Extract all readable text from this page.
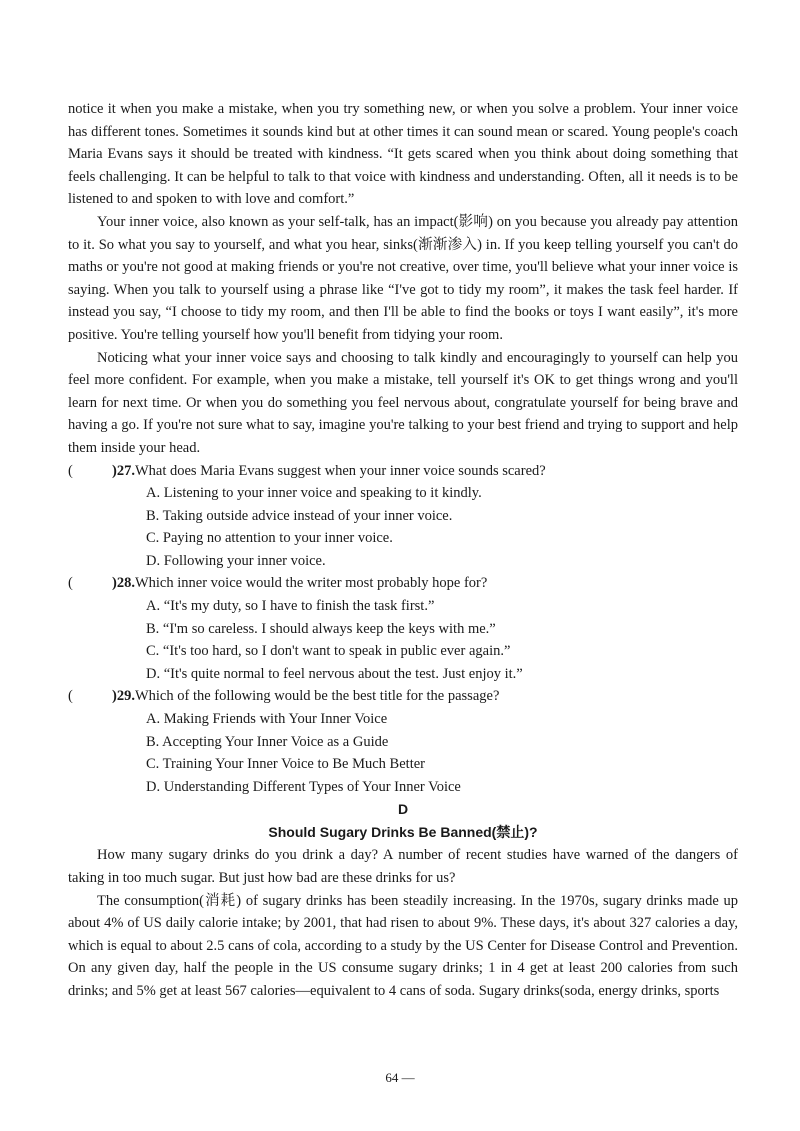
notice it when you make a mistake, when you try something new, or when you solve a problem. Your inner voice has different tones. Sometimes it sounds kind but at other times it can sound mean or scared. Young people's coach Maria Evans says it should be treated with kindness. “It gets scared when you think about doing something that feels challenging. It can be helpful to talk to that voice with kindness and understanding. Often, all it needs is to be listened to and spoken to with love and comfort.”

Your inner voice, also known as your self-talk, has an impact(影响) on you because you already pay attention to it. So what you say to yourself, and what you hear, sinks(渐渐渗入) in. If you keep telling yourself you can't do maths or you're not good at making friends or you're not creative, over time, you'll believe what your inner voice is saying. When you talk to yourself using a phrase like “I've got to tidy my room”, it makes the task feel harder. If instead you say, “I choose to tidy my room, and then I'll be able to find the books or toys I want easily”, it's more positive. You're telling yourself how you'll benefit from tidying your room.

Noticing what your inner voice says and choosing to talk kindly and encouragingly to yourself can help you feel more confident. For example, when you make a mistake, tell yourself it's OK to get things wrong and you'll learn for next time. Or when you do something you feel nervous about, congratulate yourself for being brave and having a go. If you're not sure what to say, imagine you're talking to your best friend and trying to support and help them inside your head.

(	)27. What does Maria Evans suggest when your inner voice sounds scared?
A. Listening to your inner voice and speaking to it kindly.
B. Taking outside advice instead of your inner voice.
C. Paying no attention to your inner voice.
D. Following your inner voice.
(	)28. Which inner voice would the writer most probably hope for?
A. “It's my duty, so I have to finish the task first.”
B. “I'm so careless. I should always keep the keys with me.”
C. “It's too hard, so I don't want to speak in public ever again.”
D. “It's quite normal to feel nervous about the test. Just enjoy it.”
(	)29. Which of the following would be the best title for the passage?
A. Making Friends with Your Inner Voice
B. Accepting Your Inner Voice as a Guide
C. Training Your Inner Voice to Be Much Better
D. Understanding Different Types of Your Inner Voice
D
Should Sugary Drinks Be Banned(禁止)?

How many sugary drinks do you drink a day? A number of recent studies have warned of the dangers of taking in too much sugar. But just how bad are these drinks for us?

The consumption(消耗) of sugary drinks has been steadily increasing. In the 1970s, sugary drinks made up about 4% of US daily calorie intake; by 2001, that had risen to about 9%. These days, it's about 327 calories a day, which is equal to about 2.5 cans of cola, according to a study by the US Center for Disease Control and Prevention. On any given day, half the people in the US consume sugary drinks; 1 in 4 get at least 200 calories from such drinks; and 5% get at least 567 calories—equivalent to 4 cans of soda. Sugary drinks(soda, energy drinks, sports

64 —
